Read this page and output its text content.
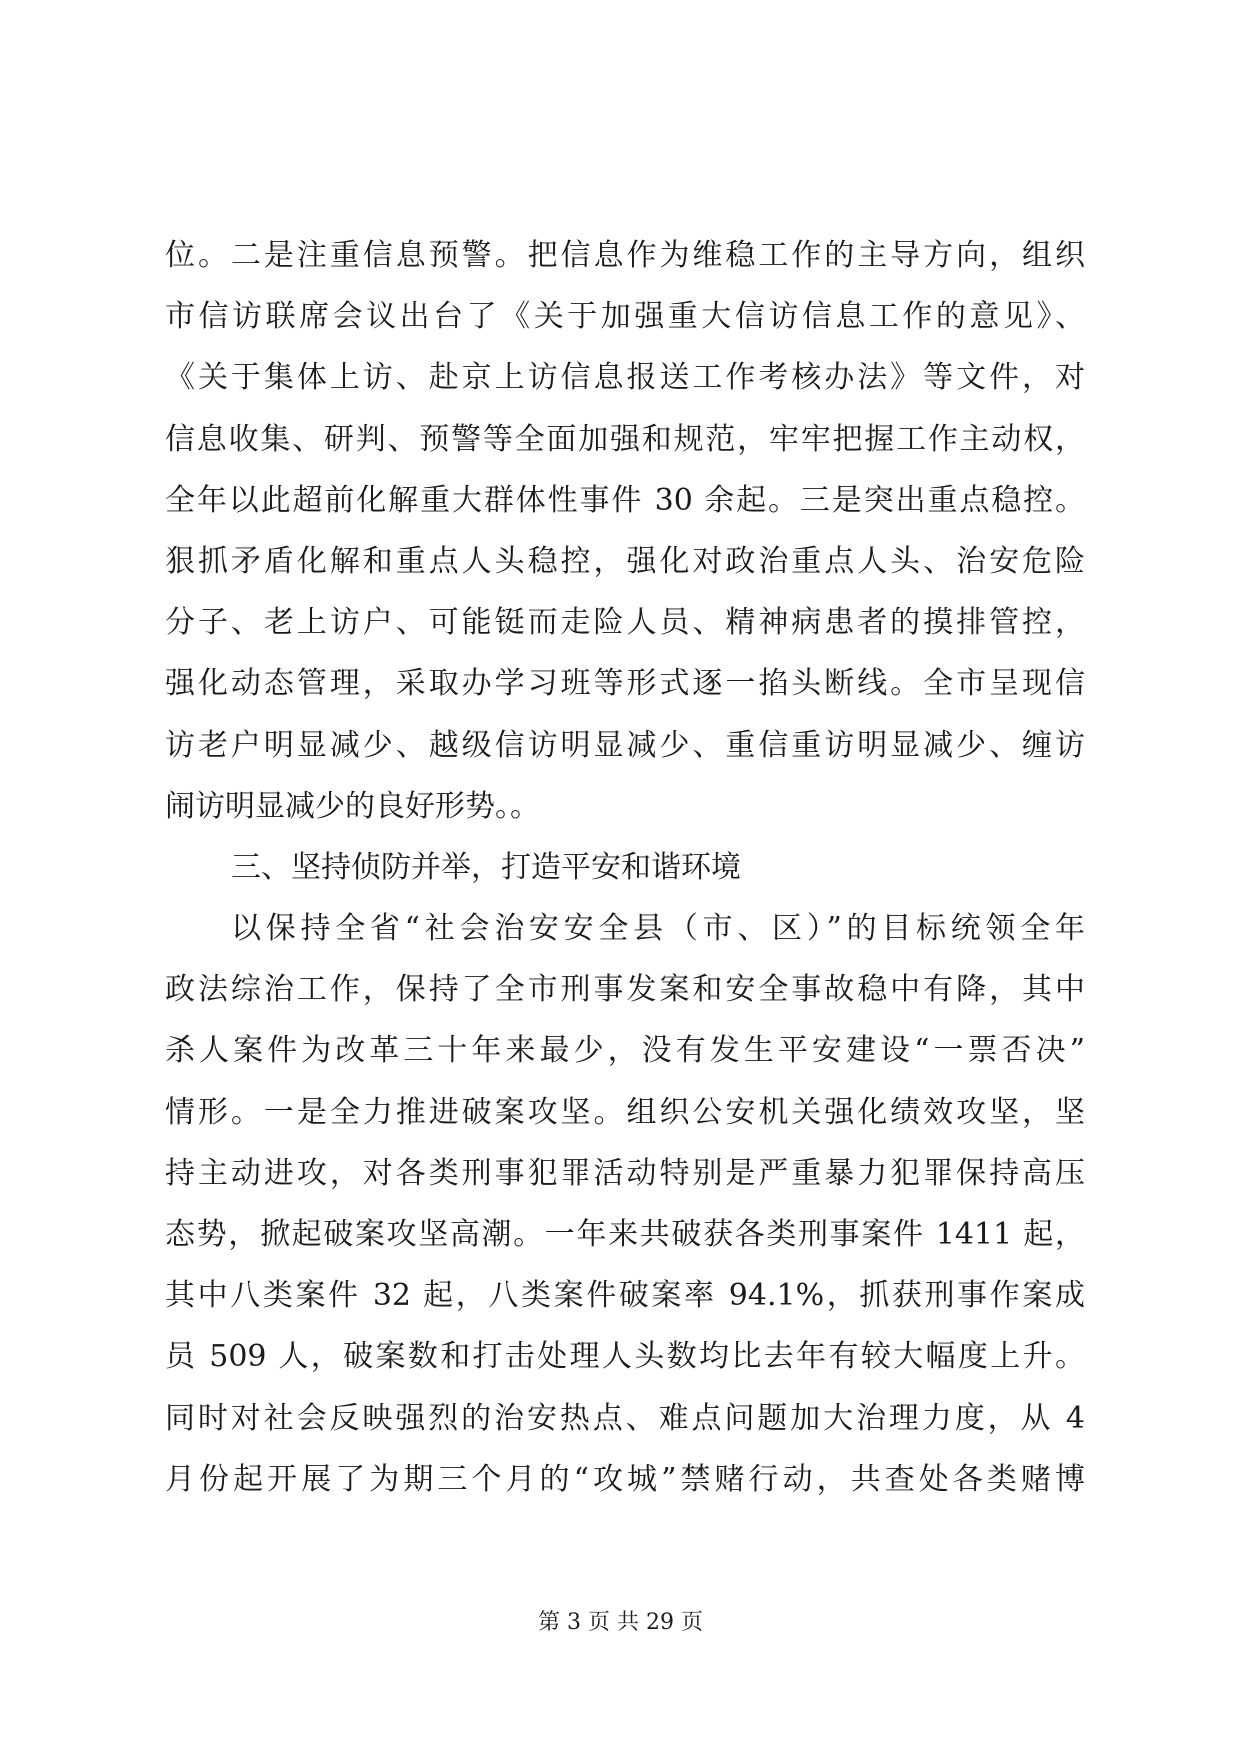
位。二是注重信息预警。把信息作为维稳工作的主导方向，组织
市信访联席会议出台了《关于加强重大信访信息工作的意见》、
《关于集体上访、赴京上访信息报送工作考核办法》等文件，对
信息收集、研判、预警等全面加强和规范，牢牢把握工作主动权，
全年以此超前化解重大群体性事件 30 余起。三是突出重点稳控。
狠抓矛盾化解和重点人头稳控，强化对政治重点人头、治安危险
分子、老上访户、可能铤而走险人员、精神病患者的摸排管控，
强化动态管理，采取办学习班等形式逐一掐头断线。全市呈现信
访老户明显减少、越级信访明显减少、重信重访明显减少、缠访
闹访明显减少的良好形势。。
三、坚持侦防并举，打造平安和谐环境
以保持全省“社会治安安全县（市、区）”的目标统领全年
政法综治工作，保持了全市刑事发案和安全事故稳中有降，其中
杀人案件为改革三十年来最少，没有发生平安建设“一票否决”
情形。一是全力推进破案攻坚。组织公安机关强化绩效攻坚，坚
持主动进攻，对各类刑事犯罪活动特别是严重暴力犯罪保持高压
态势，掀起破案攻坚高潮。一年来共破获各类刑事案件 1411 起，
其中八类案件 32 起，八类案件破案率 94.1%，抓获刑事作案成
员 509 人，破案数和打击处理人头数均比去年有较大幅度上升。
同时对社会反映强烈的治安热点、难点问题加大治理力度，从 4
月份起开展了为期三个月的“攻城”禁赌行动，共查处各类赌博
第 3 页 共 29 页
